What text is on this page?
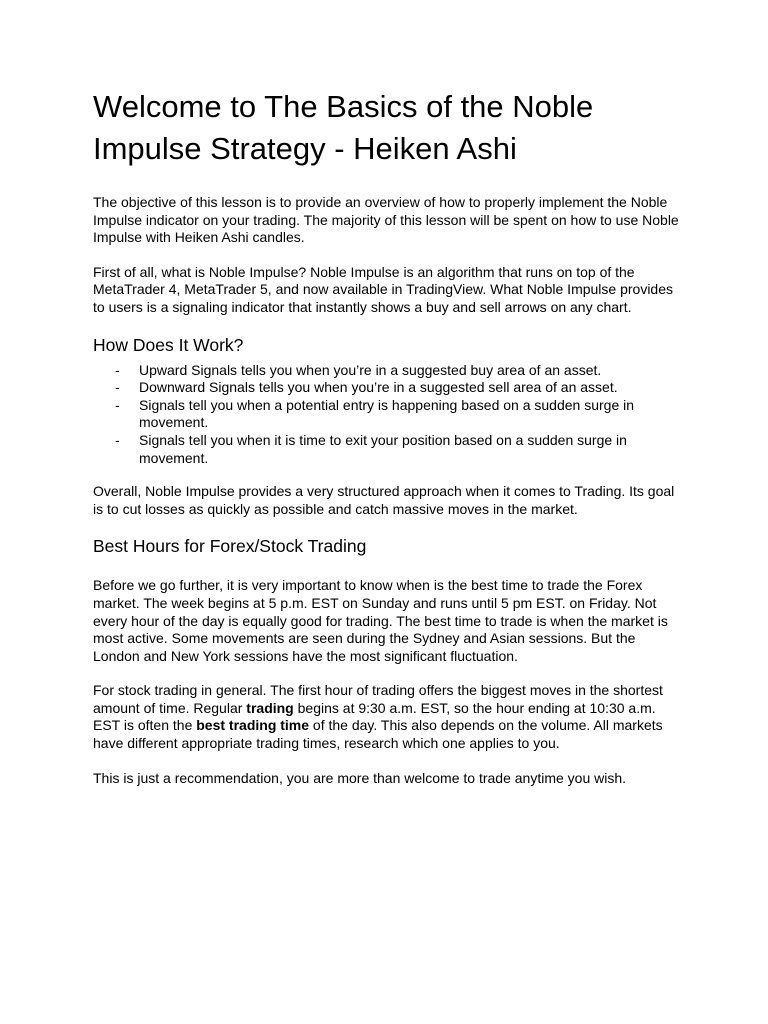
Welcome to The Basics of the Noble Impulse Strategy - Heiken Ashi

The objective of this lesson is to provide an overview of how to properly implement the Noble Impulse indicator on your trading. The majority of this lesson will be spent on how to use Noble Impulse with Heiken Ashi candles.

First of all, what is Noble Impulse? Noble Impulse is an algorithm that runs on top of the MetaTrader 4, MetaTrader 5, and now available in TradingView. What Noble Impulse provides to users is a signaling indicator that instantly shows a buy and sell arrows on any chart.

How Does It Work?
- Upward Signals tells you when you’re in a suggested buy area of an asset.
- Downward Signals tells you when you’re in a suggested sell area of an asset.
- Signals tell you when a potential entry is happening based on a sudden surge in movement.
- Signals tell you when it is time to exit your position based on a sudden surge in movement.

Overall, Noble Impulse provides a very structured approach when it comes to Trading. Its goal is to cut losses as quickly as possible and catch massive moves in the market.

Best Hours for Forex/Stock Trading

Before we go further, it is very important to know when is the best time to trade the Forex market. The week begins at 5 p.m. EST on Sunday and runs until 5 pm EST. on Friday. Not every hour of the day is equally good for trading. The best time to trade is when the market is most active. Some movements are seen during the Sydney and Asian sessions. But the London and New York sessions have the most significant fluctuation.

For stock trading in general. The first hour of trading offers the biggest moves in the shortest amount of time. Regular trading begins at 9:30 a.m. EST, so the hour ending at 10:30 a.m. EST is often the best trading time of the day. This also depends on the volume. All markets have different appropriate trading times, research which one applies to you.

This is just a recommendation, you are more than welcome to trade anytime you wish.
